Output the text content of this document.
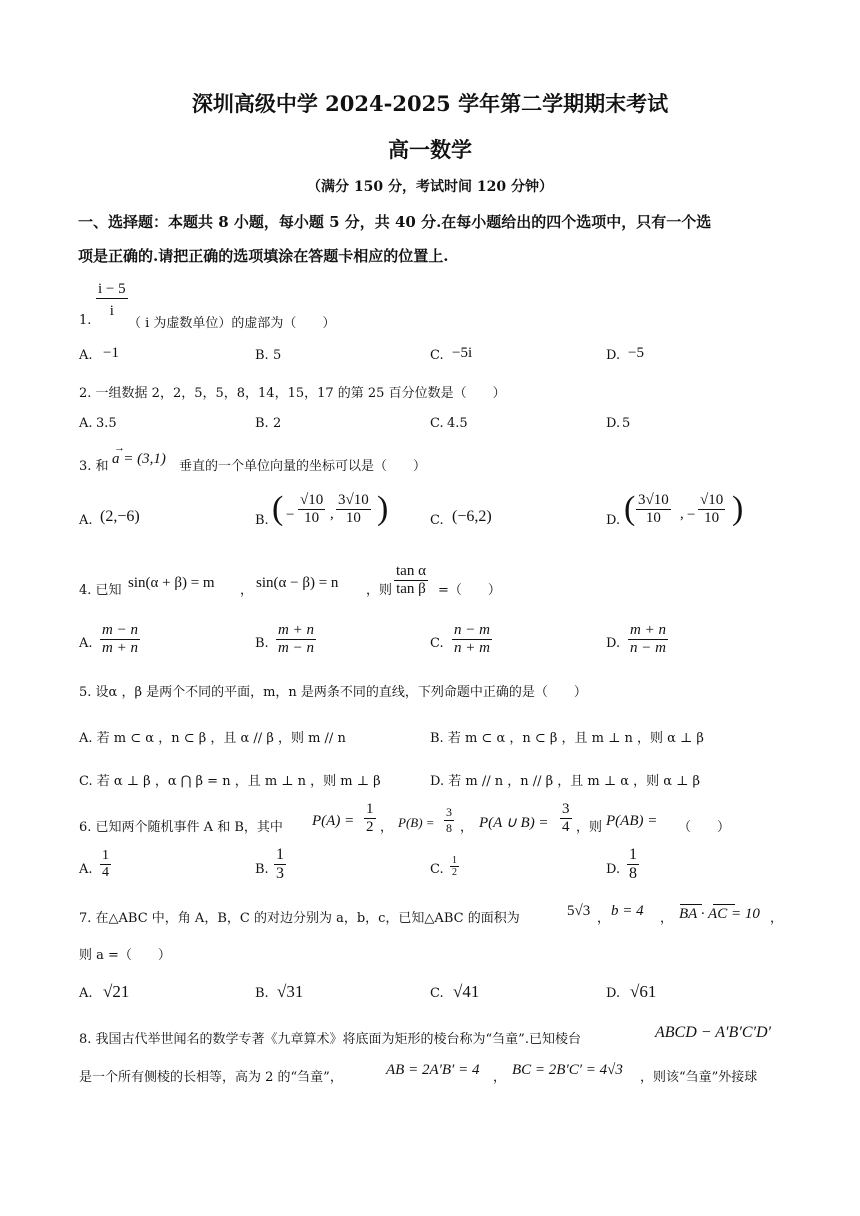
深圳高级中学 2024-2025 学年第二学期期末考试
高一数学
（满分 150 分，考试时间 120 分钟）
一、选择题：本题共 8 小题，每小题 5 分，共 40 分.在每小题给出的四个选项中，只有一个选
项是正确的.请把正确的选项填涂在答题卡相应的位置上.
1.
$\frac{i - 5}{i}$
（ i 为虚数单位）的虚部为（　　）
A. −1	B. 5	C. −5i	D. −5
2. 一组数据 2，2，5，5，8，14，15，17 的第 25 百分位数是（　　）
A. 3.5	B. 2	C. 4.5	D. 5
3. 和
→
a = (3,1) 垂直的一个单位向量的坐标可以是（　　）
A. (2,−6)	B. ( − $\frac{√10}{10}$ , $\frac{3√10}{10}$ )	C. (−6,2)	D. ( $\frac{3√10}{10}$ , − $\frac{√10}{10}$ )
4. 已知 sin(α + β) = m ， sin(α − β) = n ，则 $\frac{\text{tan α}}{\text{tan β}}$ =（　　）
A. $\frac{m - n}{m + n}$	B. $\frac{m + n}{m - n}$	C. $\frac{n - m}{n + m}$	D. $\frac{m + n}{n - m}$
5. 设α ，β 是两个不同的平面，m，n 是两条不同的直线，下列命题中正确的是（　　）
A. 若 m ⊂ α ，n ⊂ β ，且 α // β ，则 m // n	B. 若 m ⊂ α ，n ⊂ β ，且 m ⊥ n ，则 α ⊥ β
C. 若 α ⊥ β ，α ⋂ β = n ，且 m ⊥ n ，则 m ⊥ β	D. 若 m // n ，n // β ，且 m ⊥ α ，则 α ⊥ β
6. 已知两个随机事件 A 和 B，其中 $P(A) = \frac{1}{2}$ ， $P(B) = \frac{3}{8}$ ， P(A ∪ $B) = \frac{3}{4}$ ，则 P(AB) = （　　）
A. $\frac{1}{4}$	B. $\frac{1}{3}$	C. $\frac{1}{2}$	D. $\frac{1}{8}$
7. 在△ABC 中，角 A，B，C 的对边分别为 a，b，c，已知△ABC 的面积为	5√3 ， b = 4 ， BA · AC = 10 ，
则 a =（　　）
A. √21	B. √31	C. √41	D. √61
8. 我国古代举世闻名的数学专著《九章算术》将底面为矩形的棱台称为“刍童”.已知棱台	ABCD − A′B′C′D′
是一个所有侧棱的长相等，高为 2 的“刍童”，	AB = 2A′B′ = 4 ， BC = 2B′C′ = 4√3 ，则该“刍童”外接球
